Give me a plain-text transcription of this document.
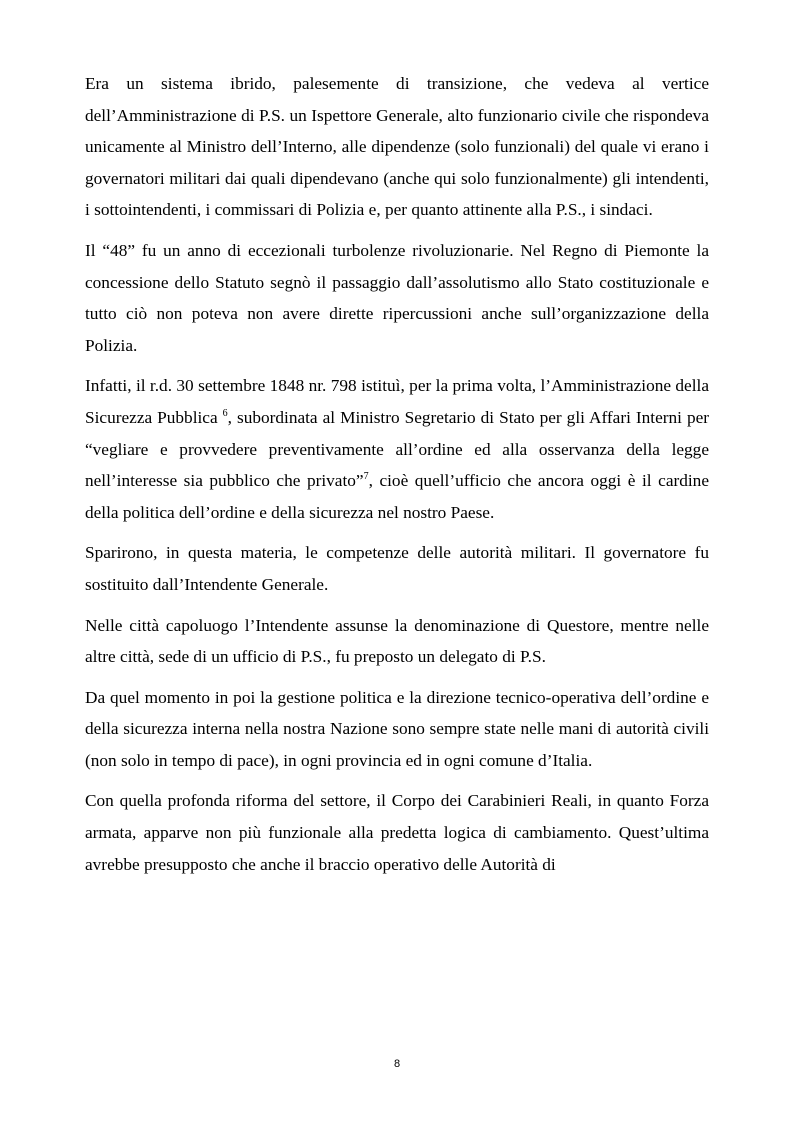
Era un sistema ibrido, palesemente di transizione, che vedeva al vertice dell’Amministrazione di P.S. un Ispettore Generale, alto funzionario civile che rispondeva unicamente al Ministro dell’Interno, alle dipendenze (solo funzionali) del quale vi erano i governatori militari dai quali dipendevano (anche qui solo funzionalmente) gli intendenti, i sottointendenti, i commissari di Polizia e, per quanto attinente alla P.S., i sindaci.

Il “48” fu un anno di eccezionali turbolenze rivoluzionarie. Nel Regno di Piemonte la concessione dello Statuto segnò il passaggio dall’assolutismo allo Stato costituzionale e tutto ciò non poteva non avere dirette ripercussioni anche sull’organizzazione della Polizia.

Infatti, il r.d. 30 settembre 1848 nr. 798 istituì, per la prima volta, l’Amministrazione della Sicurezza Pubblica $^6$, subordinata al Ministro Segretario di Stato per gli Affari Interni per “vegliare e provvedere preventivamente all’ordine ed alla osservanza della legge nell’interesse sia pubblico che privato”$^7$, cioè quell’ufficio che ancora oggi è il cardine della politica dell’ordine e della sicurezza nel nostro Paese.

Sparirono, in questa materia, le competenze delle autorità militari. Il governatore fu sostituito dall’Intendente Generale.

Nelle città capoluogo l’Intendente assunse la denominazione di Questore, mentre nelle altre città, sede di un ufficio di P.S., fu preposto un delegato di P.S.

Da quel momento in poi la gestione politica e la direzione tecnico-operativa dell’ordine e della sicurezza interna nella nostra Nazione sono sempre state nelle mani di autorità civili (non solo in tempo di pace), in ogni provincia ed in ogni comune d’Italia.

Con quella profonda riforma del settore, il Corpo dei Carabinieri Reali, in quanto Forza armata, apparve non più funzionale alla predetta logica di cambiamento. Quest’ultima avrebbe presupposto che anche il braccio operativo delle Autorità di

8
